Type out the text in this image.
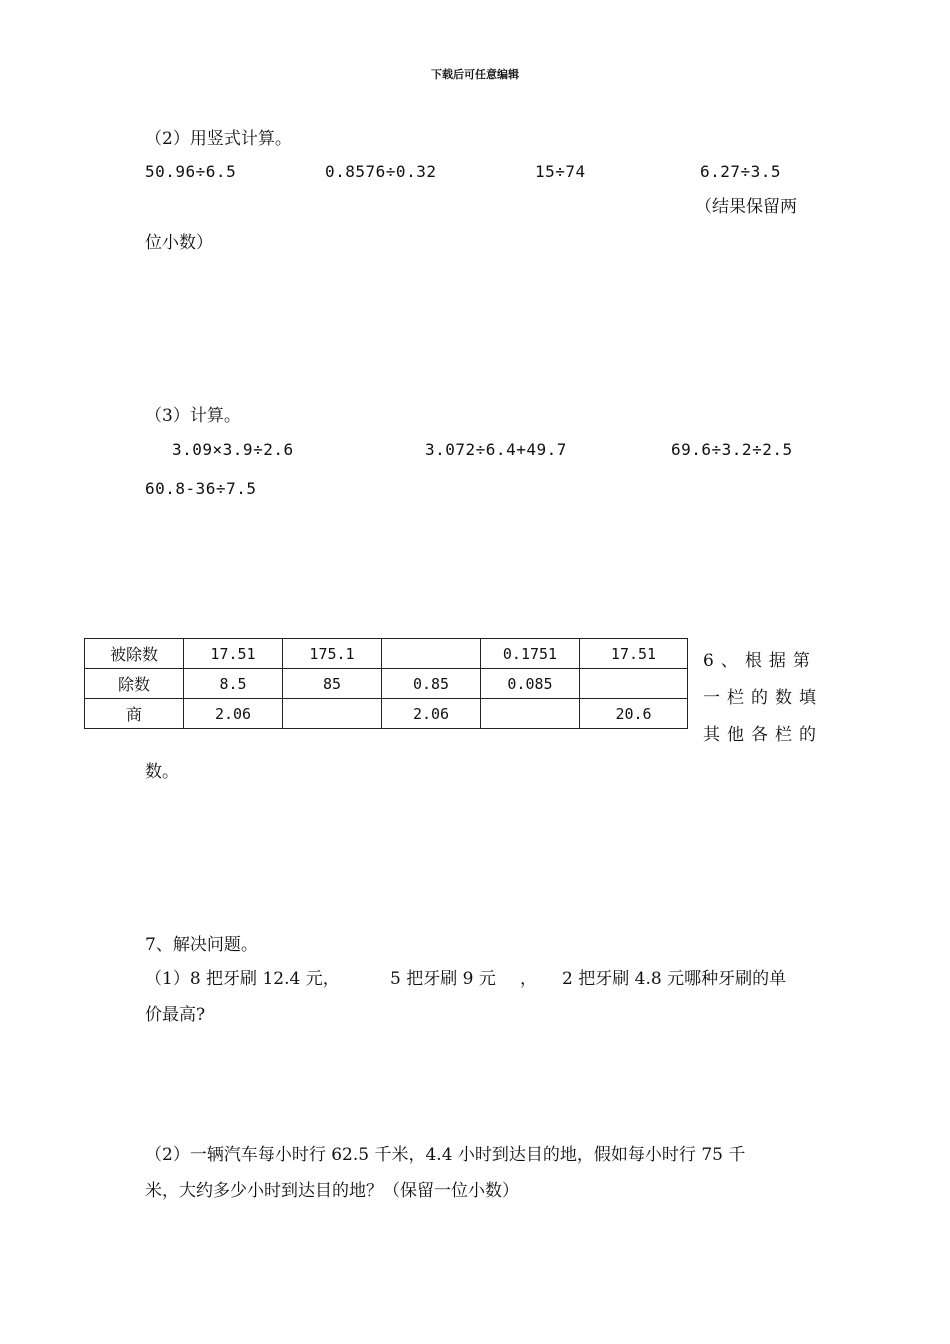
下载后可任意编辑
（2）用竖式计算。
50.96÷6.5	0.8576÷0.32	15÷74	6.27÷3.5
（结果保留两
位小数）
（3）计算。
3.09×3.9÷2.6	3.072÷6.4+49.7	69.6÷3.2÷2.5
60.8-36÷7.5
被除数	17.51	175.1		0.1751	17.51
除数	8.5	85	0.85	0.085	
商	2.06		2.06		20.6
6、根据第
一栏的数填
其他各栏的
数。
7、解决问题。
（1）8 把牙刷 12.4 元，	5 把牙刷 9 元 ， 2 把牙刷 4.8 元哪种牙刷的单
价最高?
（2）一辆汽车每小时行 62.5 千米，4.4 小时到达目的地，假如每小时行 75 千
米，大约多少小时到达目的地？（保留一位小数）
